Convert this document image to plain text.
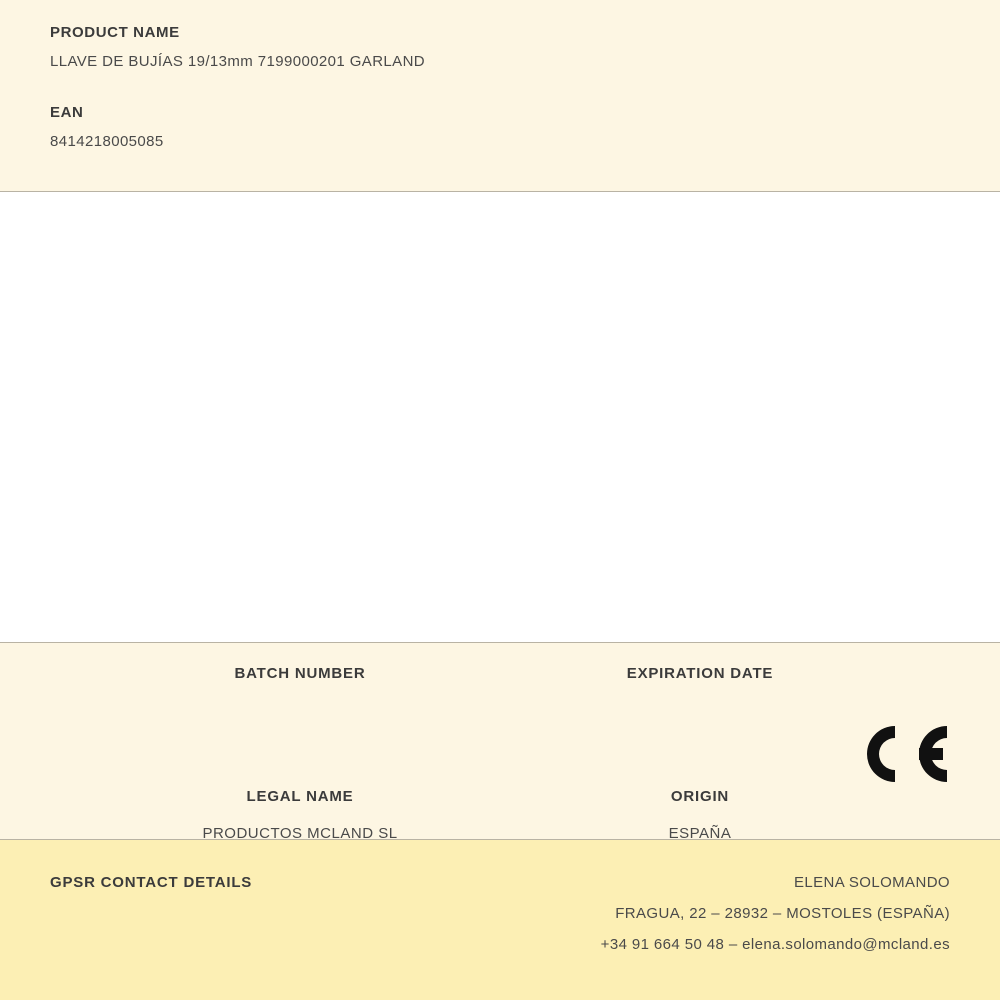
PRODUCT NAME

LLAVE DE BUJÍAS 19/13mm 7199000201 GARLAND

EAN

8414218005085

BATCH NUMBER	EXPIRATION DATE

LEGAL NAME

PRODUCTOS MCLAND SL

ORIGIN

ESPAÑA

GPSR CONTACT DETAILS	ELENA SOLOMANDO

FRAGUA, 22 – 28932 – MOSTOLES (ESPAÑA)

+34 91 664 50 48 – elena.solomando@mcland.es
